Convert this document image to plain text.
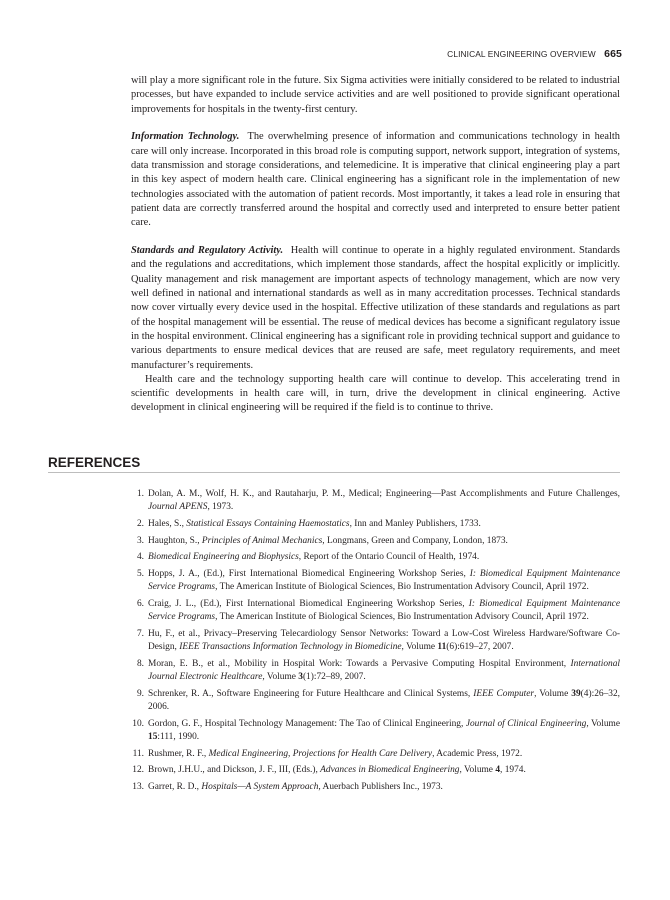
CLINICAL ENGINEERING OVERVIEW 665

will play a more significant role in the future. Six Sigma activities were initially considered to be related to industrial processes, but have expanded to include service activities and are well positioned to provide significant operational improvements for hospitals in the twenty-first century.

Information Technology. The overwhelming presence of information and communications technology in health care will only increase. Incorporated in this broad role is computing support, network support, integration of systems, data transmission and storage considerations, and telemedicine. It is imperative that clinical engineering play a part in this key aspect of modern health care. Clinical engineering has a significant role in the implementation of new technologies associated with the automation of patient records. Most importantly, it takes a lead role in ensuring that patient data are correctly transferred around the hospital and correctly used and interpreted to ensure better patient care.

Standards and Regulatory Activity. Health will continue to operate in a highly regulated environment. Standards and the regulations and accreditations, which implement those standards, affect the hospital explicitly or implicitly. Quality management and risk management are important aspects of technology management, which are now very well defined in national and international standards as well as in many accreditation processes. Technical standards now cover virtually every device used in the hospital. Effective utilization of these standards and regulations as part of the hospital management will be essential. The reuse of medical devices has become a significant regulatory issue in the hospital environment. Clinical engineering has a significant role in providing technical support and guidance to various departments to ensure medical devices that are reused are safe, meet regulatory requirements, and meet manufacturer’s requirements.

Health care and the technology supporting health care will continue to develop. This accelerating trend in scientific developments in health care will, in turn, drive the development in clinical engineering. Active development in clinical engineering will be required if the field is to continue to thrive.

REFERENCES
1 . Dolan, A. M., Wolf, H. K., and Rautaharju, P. M., Medical; Engineering—Past Accomplishments and Future Challenges, Journal APENS, 1973.
2 . Hales, S., Statistical Essays Containing Haemostatics, Inn and Manley Publishers, 1733.
3 . Haughton, S., Principles of Animal Mechanics, Longmans, Green and Company, London, 1873.
4 . Biomedical Engineering and Biophysics, Report of the Ontario Council of Health, 1974.
5 . Hopps, J. A., (Ed.), First International Biomedical Engineering Workshop Series, I: Biomedical Equipment Maintenance Service Programs, The American Institute of Biological Sciences, Bio Instrumentation Advisory Council, April 1972.
6 . Craig, J. L., (Ed.), First International Biomedical Engineering Workshop Series, I: Biomedical Equipment Maintenance Service Programs, The American Institute of Biological Sciences, Bio Instrumentation Advisory Council, April 1972.
7 . Hu, F., et al., Privacy–Preserving Telecardiology Sensor Networks: Toward a Low-Cost Wireless Hardware/Software Co-Design, IEEE Transactions Information Technology in Biomedicine, Volume 11(6):619–27, 2007.
8 . Moran, E. B., et al., Mobility in Hospital Work: Towards a Pervasive Computing Hospital Environment, International Journal Electronic Healthcare, Volume 3(1):72–89, 2007.
9 . Schrenker, R. A., Software Engineering for Future Healthcare and Clinical Systems, IEEE Computer, Volume 39(4):26–32, 2006.
10 . Gordon, G. F., Hospital Technology Management: The Tao of Clinical Engineering, Journal of Clinical Engineering, Volume 15:111, 1990.
11 . Rushmer, R. F., Medical Engineering, Projections for Health Care Delivery, Academic Press, 1972.
12 . Brown, J.H.U., and Dickson, J. F., III, (Eds.), Advances in Biomedical Engineering, Volume 4, 1974.
13 . Garret, R. D., Hospitals—A System Approach, Auerbach Publishers Inc., 1973.
